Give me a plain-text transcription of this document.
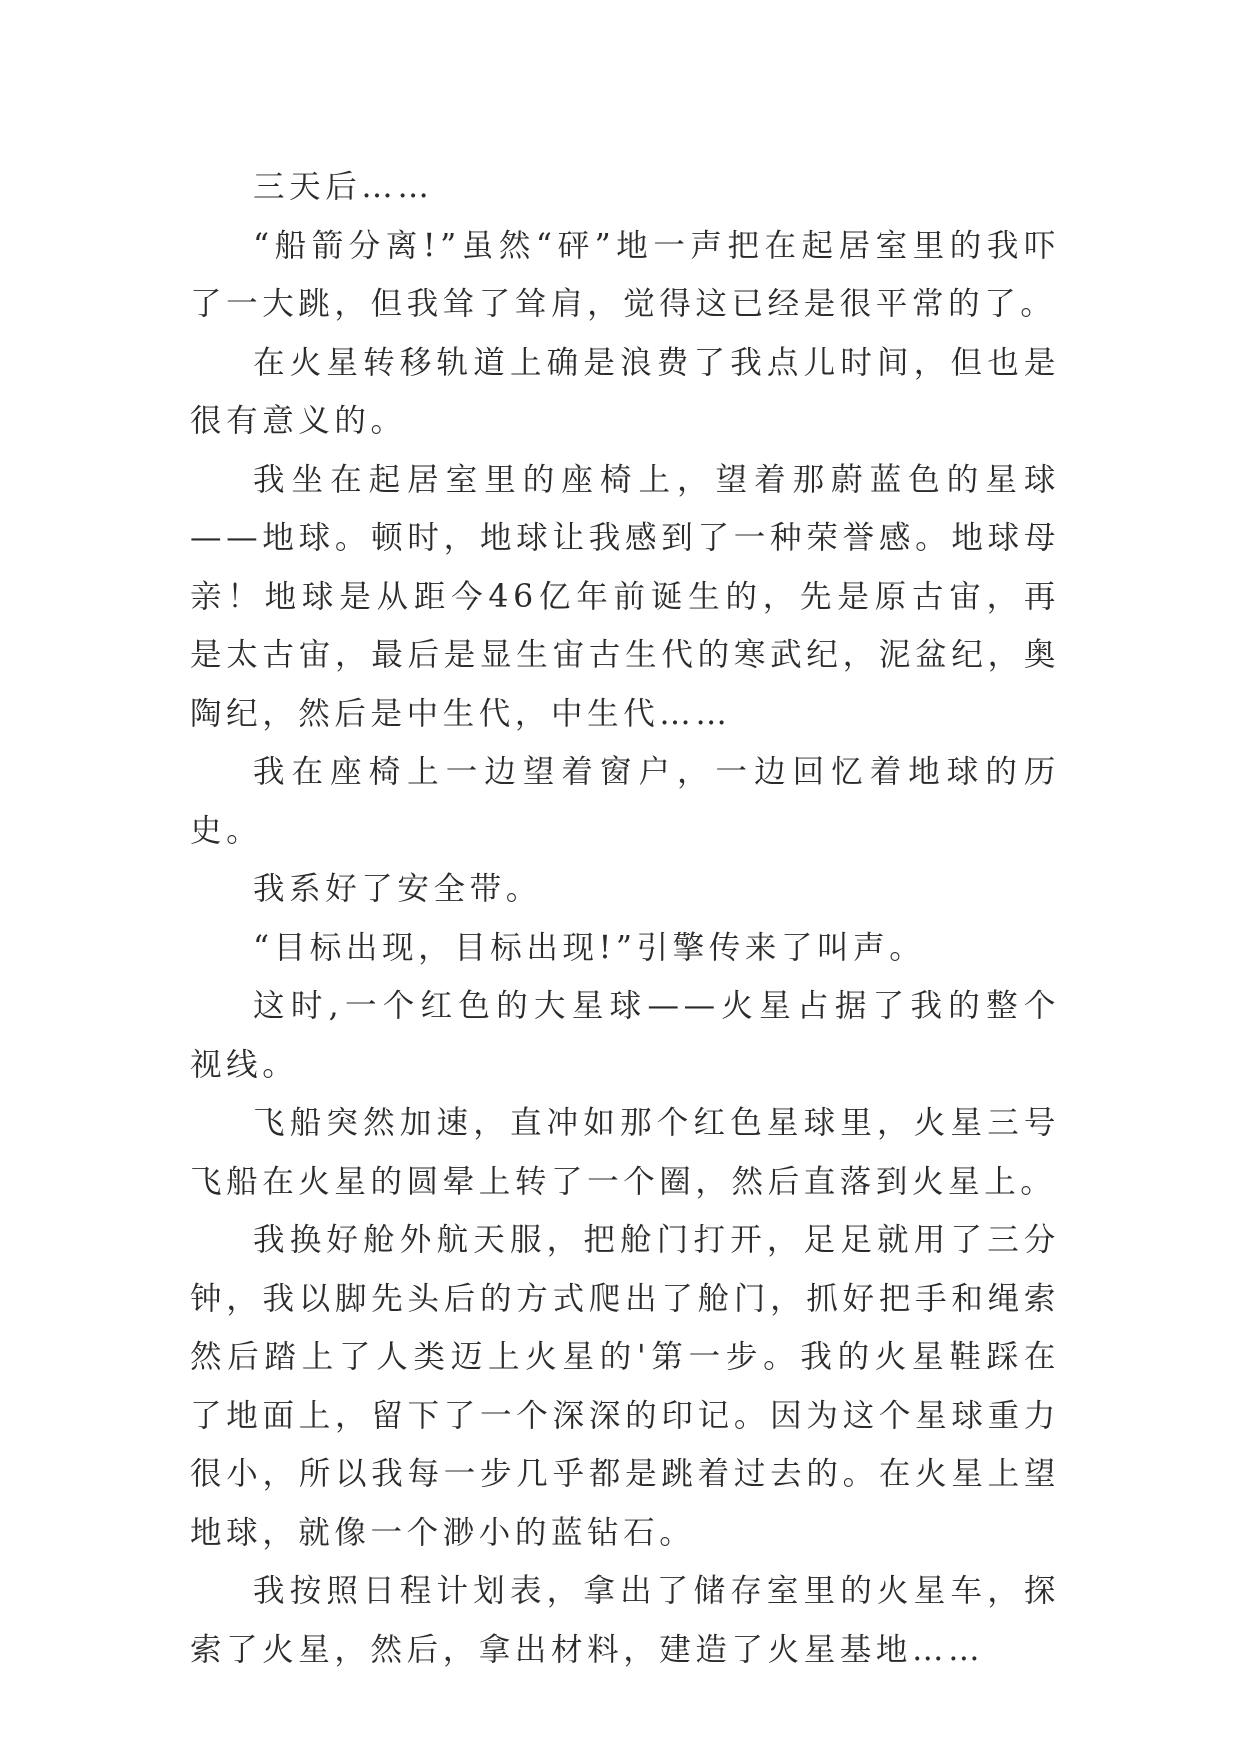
三天后……

“船箭分离!”虽然“砰”地一声把在起居室里的我吓了一大跳，但我耸了耸肩，觉得这已经是很平常的了。

在火星转移轨道上确是浪费了我点儿时间，但也是很有意义的。

我坐在起居室里的座椅上，望着那蔚蓝色的星球——地球。顿时，地球让我感到了一种荣誉感。地球母亲！地球是从距今46亿年前诞生的，先是原古宙，再是太古宙，最后是显生宙古生代的寒武纪，泥盆纪，奥陶纪，然后是中生代，中生代……

我在座椅上一边望着窗户，一边回忆着地球的历史。

我系好了安全带。

“目标出现，目标出现!”引擎传来了叫声。

这时,一个红色的大星球——火星占据了我的整个视线。

飞船突然加速，直冲如那个红色星球里，火星三号飞船在火星的圆晕上转了一个圈，然后直落到火星上。

我换好舱外航天服，把舱门打开，足足就用了三分钟，我以脚先头后的方式爬出了舱门，抓好把手和绳索然后踏上了人类迈上火星的'第一步。我的火星鞋踩在了地面上，留下了一个深深的印记。因为这个星球重力很小，所以我每一步几乎都是跳着过去的。在火星上望地球，就像一个渺小的蓝钻石。

我按照日程计划表，拿出了储存室里的火星车，探索了火星，然后，拿出材料，建造了火星基地……
